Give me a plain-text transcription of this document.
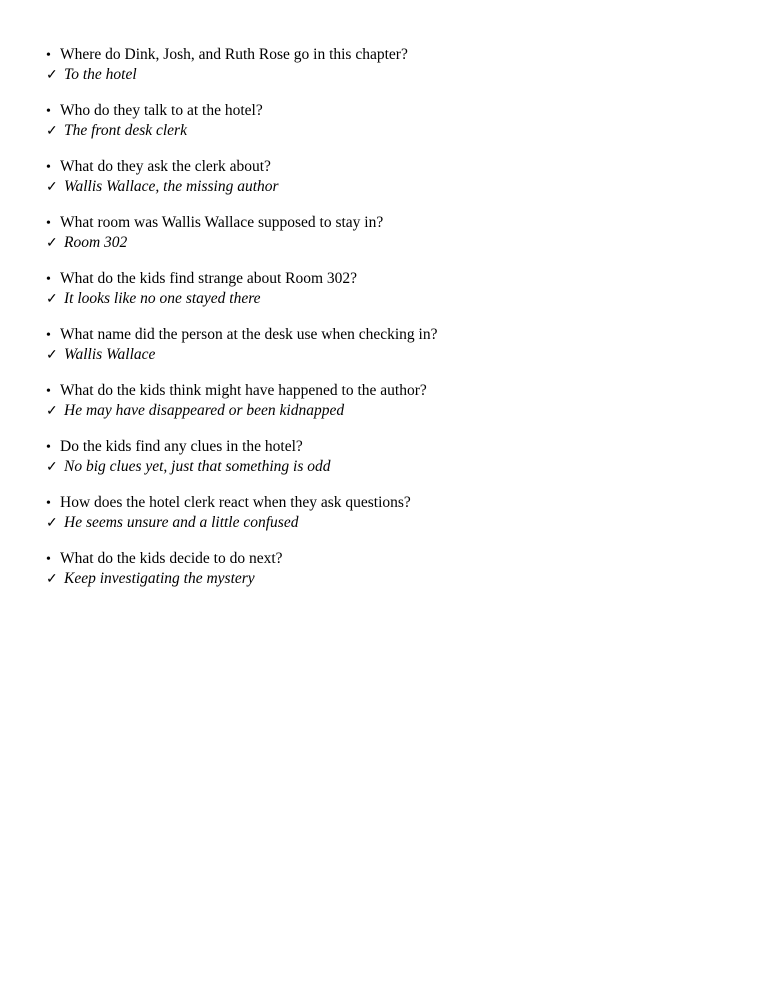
• Where do Dink, Josh, and Ruth Rose go in this chapter?
✓ To the hotel
• Who do they talk to at the hotel?
✓ The front desk clerk
• What do they ask the clerk about?
✓ Wallis Wallace, the missing author
• What room was Wallis Wallace supposed to stay in?
✓ Room 302
• What do the kids find strange about Room 302?
✓ It looks like no one stayed there
• What name did the person at the desk use when checking in?
✓ Wallis Wallace
• What do the kids think might have happened to the author?
✓ He may have disappeared or been kidnapped
• Do the kids find any clues in the hotel?
✓ No big clues yet, just that something is odd
• How does the hotel clerk react when they ask questions?
✓ He seems unsure and a little confused
• What do the kids decide to do next?
✓ Keep investigating the mystery
